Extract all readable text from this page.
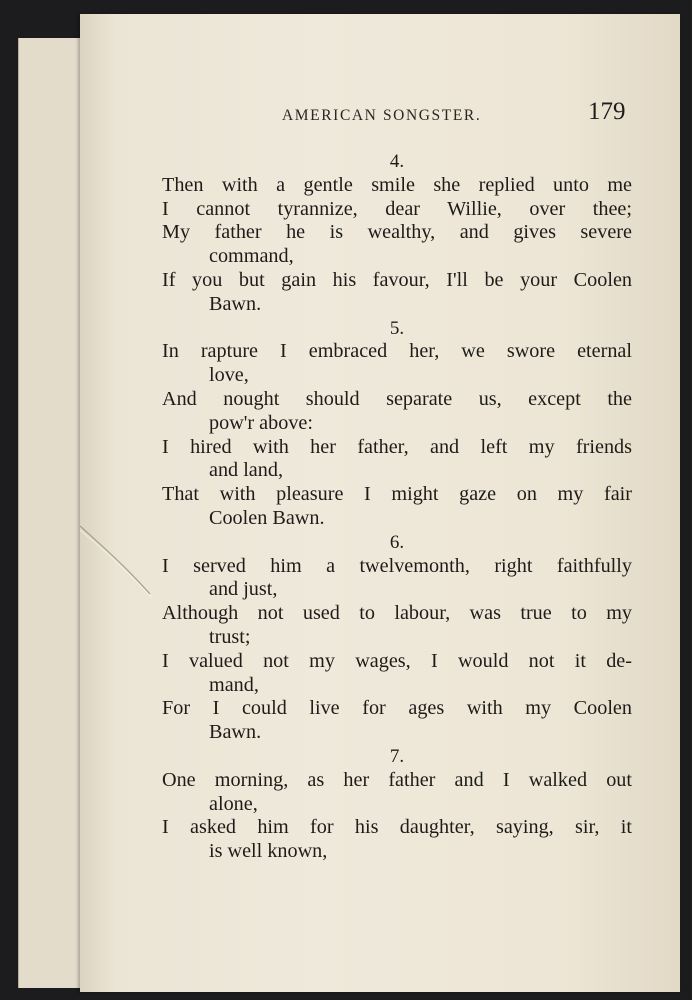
AMERICAN SONGSTER.	179
4.
Then with a gentle smile she replied unto me
I cannot tyrannize, dear Willie, over thee;
My father he is wealthy, and gives severe
command,
If you but gain his favour, I'll be your Coolen
Bawn.
5.
In rapture I embraced her, we swore eternal
love,
And nought should separate us, except the
pow'r above:
I hired with her father, and left my friends
and land,
That with pleasure I might gaze on my fair
Coolen Bawn.
6.
I served him a twelvemonth, right faithfully
and just,
Although not used to labour, was true to my
trust;
I valued not my wages, I would not it de-
mand,
For I could live for ages with my Coolen
Bawn.
7.
One morning, as her father and I walked out
alone,
I asked him for his daughter, saying, sir, it
is well known,
